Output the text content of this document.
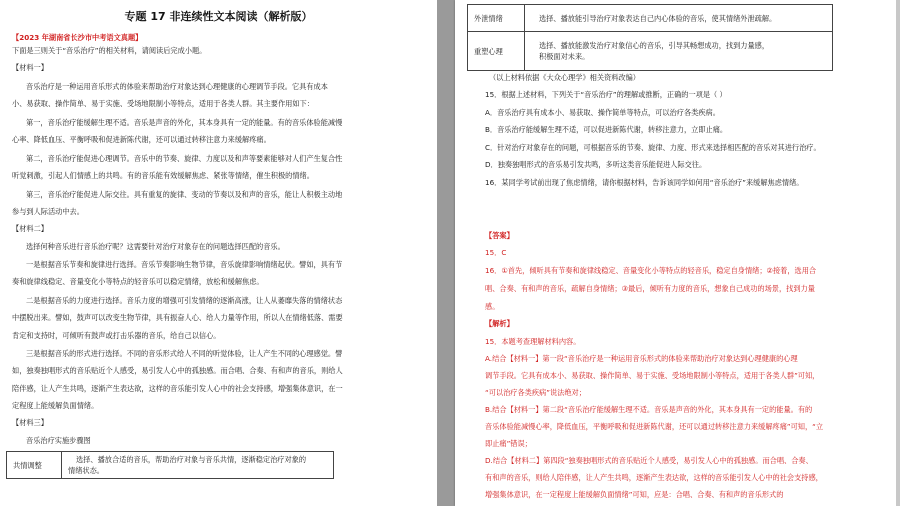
专题 17 非连续性文本阅读（解析版）
【2023 年湖南省长沙市中考语文真题】
下面是三则关于“音乐治疗”的相关材料，请阅读后完成小题。
【材料一】
音乐治疗是一种运用音乐形式的体验来帮助治疗对象达到心理健康的心理调节手段。它具有成本
小、易获取、操作简单、易于实施、受场地限制小等特点，适用于各类人群。其主要作用如下：
第一，音乐治疗能缓解生理不适。音乐是声音的外化，其本身具有一定的能量。有的音乐体验能减慢
心率、降低血压、平衡呼吸和促进新陈代谢，还可以通过转移注意力来缓解疼痛。
第二，音乐治疗能促进心理调节。音乐中的节奏、旋律、力度以及和声等要素能够对人们产生复合性
听觉刺激，引起人们情感上的共鸣。有的音乐能有效缓解焦虑、紧张等情绪，催生积极的情绪。
第三，音乐治疗能促进人际交往。具有重复的旋律、变动的节奏以及和声的音乐，能让人积极主动地
参与到人际活动中去。
【材料二】
选择何种音乐进行音乐治疗呢？这需要针对治疗对象存在的问题选择匹配的音乐。
一是根据音乐节奏和旋律进行选择。音乐节奏影响生物节律，音乐旋律影响情绪起伏。譬如，具有节
奏和旋律线稳定、音量变化小等特点的轻音乐可以稳定情绪，放松和缓解焦虑。
二是根据音乐的力度进行选择。音乐力度的增强可引发情绪的逐渐高涨，让人从萎靡失落的情绪状态
中摆脱出来。譬如，鼓声可以改变生物节律，具有振奋人心、给人力量等作用，所以人在情绪低落、需要
肯定和支持时，可倾听有鼓声或打击乐器的音乐，给自己以信心。
三是根据音乐的形式进行选择。不同的音乐形式给人不同的听觉体验，让人产生不同的心理感觉。譬
如，独奏独唱形式的音乐贴近个人感受，易引发人心中的孤独感。而合唱、合奏、有和声的音乐，则给人
陪伴感，让人产生共鸣，逐渐产生表达欲，这样的音乐能引发人心中的社会支持感，增强集体意识，在一
定程度上能缓解负面情绪。
【材料三】
音乐治疗实施步骤图
共情调整	
选择、播放合适的音乐，帮助治疗对象与音乐共情，逐渐稳定治疗对象的
情绪状态。
外泄情绪	选择、播放能引导治疗对象表达自己内心体验的音乐，使其情绪外泄疏解。

重塑心理	选择、播放能激发治疗对象信心的音乐，引导其畅想成功，找到力量感，
积极面对未来。
（以上材料依据《大众心理学》相关资料改编）
15．根据上述材料，下列关于“音乐治疗”的理解或推断，正确的一项是（ ）
A．音乐治疗具有成本小、易获取、操作简单等特点，可以治疗各类疾病。
B．音乐治疗能缓解生理不适，可以促进新陈代谢，转移注意力，立即止痛。
C．针对治疗对象存在的问题，可根据音乐的节奏、旋律、力度、形式来选择相匹配的音乐对其进行治疗。
D．独奏独唱形式的音乐易引发共鸣，多听这类音乐能促进人际交往。
16．某同学考试前出现了焦虑情绪，请你根据材料，告诉该同学如何用“音乐治疗”来缓解焦虑情绪。
【答案】
15．C
16．①首先，倾听具有节奏和旋律线稳定、音量变化小等特点的轻音乐，稳定自身情绪；②接着，选用合
唱、合奏、有和声的音乐，疏解自身情绪；③最后，倾听有力度的音乐，想象自己成功的场景，找到力量
感。
【解析】
15．本题考查理解材料内容。
A.结合【材料一】第一段“音乐治疗是一种运用音乐形式的体验来帮助治疗对象达到心理健康的心理
调节手段。它具有成本小、易获取、操作简单、易于实施、受场地限制小等特点，适用于各类人群”可知，
“可以治疗各类疾病”说法绝对；
B.结合【材料一】第二段“音乐治疗能缓解生理不适。音乐是声音的外化，其本身具有一定的能量。有的
音乐体验能减慢心率，降低血压，平衡呼吸和促进新陈代谢，还可以通过转移注意力来缓解疼痛”可知，“立
即止痛”错误；
D.结合【材料二】第四段“独奏独唱形式的音乐贴近个人感受，易引发人心中的孤独感。而合唱、合奏、
有和声的音乐，则给人陪伴感，让人产生共鸣，逐渐产生表达欲，这样的音乐能引发人心中的社会支持感，
增强集体意识，在一定程度上能缓解负面情绪”可知，应是：合唱、合奏、有和声的音乐形式的
